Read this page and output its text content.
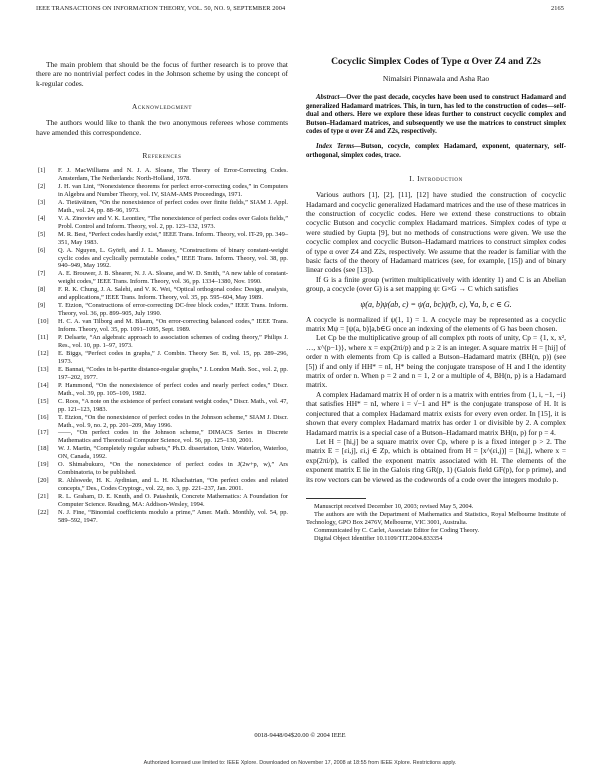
IEEE TRANSACTIONS ON INFORMATION THEORY, VOL. 50, NO. 9, SEPTEMBER 2004	2165

The main problem that should be the focus of further research is to prove that there are no nontrivial perfect codes in the Johnson scheme by using the concept of k-regular codes.

Acknowledgment

The authors would like to thank the two anonymous referees whose comments have amended this correspondence.

References
[1]	F. J. MacWilliams and N. J. A. Sloane, The Theory of Error-Correcting Codes. Amsterdam, The Netherlands: North-Holland, 1978.
[2]	J. H. van Lint, “Nonexistence theorems for perfect error-correcting codes,” in Computers in Algebra and Number Theory, vol. IV, SIAM-AMS Proceedings, 1971.
[3]	A. Tietäväinen, “On the nonexistence of perfect codes over finite fields,” SIAM J. Appl. Math., vol. 24, pp. 88–96, 1973.
[4]	V. A. Zinoviev and V. K. Leontiev, “The nonexistence of perfect codes over Galois fields,” Probl. Control and Inform. Theory, vol. 2, pp. 123–132, 1973.
[5]	M. R. Best, “Perfect codes hardly exist,” IEEE Trans. Inform. Theory, vol. IT-29, pp. 349–351, May 1983.
[6]	Q. A. Nguyen, L. Györfi, and J. L. Massey, “Constructions of binary constant-weight cyclic codes and cyclically permutable codes,” IEEE Trans. Inform. Theory, vol. 38, pp. 940–949, May 1992.
[7]	A. E. Brouwer, J. B. Shearer, N. J. A. Sloane, and W. D. Smith, “A new table of constant-weight codes,” IEEE Trans. Inform. Theory, vol. 36, pp. 1334–1380, Nov. 1990.
[8]	F. R. K. Chung, J. A. Salehi, and V. K. Wei, “Optical orthogonal codes: Design, analysis, and applications,” IEEE Trans. Inform. Theory, vol. 35, pp. 595–604, May 1989.
[9]	T. Etzion, “Constructions of error-correcting DC-free block codes,” IEEE Trans. Inform. Theory, vol. 36, pp. 899–905, July 1990.
[10]	H. C. A. van Tilborg and M. Blaum, “On error-correcting balanced codes,” IEEE Trans. Inform. Theory, vol. 35, pp. 1091–1095, Sept. 1989.
[11]	P. Delsarte, “An algebraic approach to association schemes of coding theory,” Philips J. Res., vol. 10, pp. 1–97, 1973.
[12]	E. Biggs, “Perfect codes in graphs,” J. Combin. Theory Ser. B, vol. 15, pp. 289–296, 1973.
[13]	E. Bannai, “Codes in bi-partite distance-regular graphs,” J. London Math. Soc., vol. 2, pp. 197–202, 1977.
[14]	P. Hammond, “On the nonexistence of perfect codes and nearly perfect codes,” Discr. Math., vol. 39, pp. 105–109, 1982.
[15]	C. Roos, “A note on the existence of perfect constant weight codes,” Discr. Math., vol. 47, pp. 121–123, 1983.
[16]	T. Etzion, “On the nonexistence of perfect codes in the Johnson scheme,” SIAM J. Discr. Math., vol. 9, no. 2, pp. 201–209, May 1996.
[17]	——, “On perfect codes in the Johnson scheme,” DIMACS Series in Discrete Mathematics and Theoretical Computer Science, vol. 56, pp. 125–130, 2001.
[18]	W. J. Martin, “Completely regular subsets,” Ph.D. dissertation, Univ. Waterloo, Waterloo, ON, Canada, 1992.
[19]	O. Shimabukuro, “On the nonexistence of perfect codes in J(2w+p, w),” Ars Combinatoria, to be published.
[20]	R. Ahlswede, H. K. Aydinian, and L. H. Khachatrian, “On perfect codes and related concepts,” Des., Codes Cryptogr., vol. 22, no. 3, pp. 221–237, Jan. 2001.
[21]	R. L. Graham, D. E. Knuth, and O. Patashnik, Concrete Mathematics: A Foundation for Computer Science. Reading, MA: Addison-Wesley, 1994.
[22]	N. J. Fine, “Binomial coefficients modulo a prime,” Amer. Math. Monthly, vol. 54, pp. 589–592, 1947.
Cocyclic Simplex Codes of Type α Over Z4 and Z2s
Nimalsiri Pinnawala and Asha Rao

Abstract—Over the past decade, cocycles have been used to construct Hadamard and generalized Hadamard matrices. This, in turn, has led to the construction of codes—self-dual and others. Here we explore these ideas further to construct cocyclic complex and Butson–Hadamard matrices, and subsequently we use the matrices to construct simplex codes of type α over Z4 and Z2s, respectively.

Index Terms—Butson, cocycle, complex Hadamard, exponent, quaternary, self-orthogonal, simplex codes, trace.

I. Introduction

Various authors [1], [2], [11], [12] have studied the construction of cocyclic Hadamard and cocyclic generalized Hadamard matrices and the use of these matrices in the construction of cocyclic codes. Here we extend these constructions to obtain cocyclic Butson and cocyclic complex Hadamard matrices. Simplex codes of type α were studied by Gupta [9], but no methods of constructions were given. We use the cocyclic complex and cocyclic Butson–Hadamard matrices to construct simplex codes of type α over Z4 and Z2s, respectively. We assume that the reader is familiar with the basic facts of the theory of Hadamard matrices (see, for example, [15]) and of binary linear codes (see [13]).

If G is a finite group (written multiplicatively with identity 1) and C is an Abelian group, a cocycle (over G) is a set mapping ψ: G×G → C which satisfies

ψ(a, b)ψ(ab, c) = ψ(a, bc)ψ(b, c), ∀a, b, c ∈ G.

A cocycle is normalized if ψ(1, 1) = 1. A cocycle may be represented as a cocyclic matrix Mψ = [ψ(a, b)]a,b∈G once an indexing of the elements of G has been chosen.

Let Cp be the multiplicative group of all complex pth roots of unity, Cp = {1, x, x², …, x^(p−1)}, where x = exp(2πi/p) and p ≥ 2 is an integer. A square matrix H = [hij] of order n with elements from Cp is called a Butson–Hadamard matrix (BH(n, p)) (see [5]) if and only if HH* = nI, H* being the conjugate transpose of H and I the identity matrix of order n. When p = 2 and n = 1, 2 or a multiple of 4, BH(n, p) is a Hadamard matrix.

A complex Hadamard matrix H of order n is a matrix with entries from {1, i, −1, −i} that satisfies HH* = nI, where i = √−1 and H* is the conjugate transpose of H. It is conjectured that a complex Hadamard matrix exists for every even order. In [15], it is shown that every complex Hadamard matrix has order 1 or divisible by 2. A complex Hadamard matrix is a special case of a Butson–Hadamard matrix BH(n, p) for p = 4.

Let H = [hi,j] be a square matrix over Cp, where p is a fixed integer p > 2. The matrix E = [εi,j], εi,j ∈ Zp, which is obtained from H = [x^(εi,j)] = [hi,j], where x = exp(2πi/p), is called the exponent matrix associated with H. The elements of the exponent matrix E lie in the Galois ring GR(p, 1) (Galois field GF(p), for p prime), and its row vectors can be viewed as the codewords of a code over the integers modulo p.

Manuscript received December 10, 2003; revised May 5, 2004.

The authors are with the Department of Mathematics and Statistics, Royal Melbourne Institute of Technology, GPO Box 2476V, Melbourne, VIC 3001, Australia.

Communicated by C. Carlet, Associate Editor for Coding Theory.

Digital Object Identifier 10.1109/TIT.2004.833354

0018-9448/04$20.00 © 2004 IEEE
Authorized licensed use limited to: IEEE Xplore. Downloaded on November 17, 2008 at 18:55 from IEEE Xplore. Restrictions apply.
